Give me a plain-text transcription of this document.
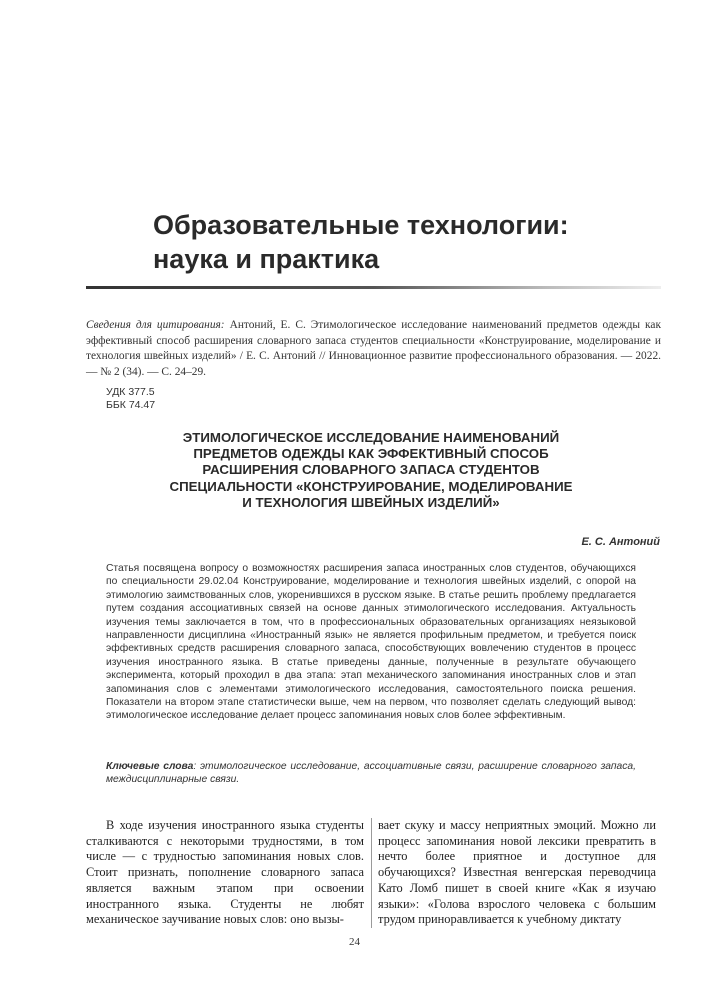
Образовательные технологии:
наука и практика
Сведения для цитирования: Антоний, Е. С. Этимологическое исследование наименований предметов одежды как эффективный способ расширения словарного запаса студентов специальности «Конструирование, моделирование и технология швейных изделий» / Е. С. Антоний // Инновационное развитие профессионального образования. — 2022. — № 2 (34). — С. 24–29.
УДК 377.5
ББК 74.47
ЭТИМОЛОГИЧЕСКОЕ ИССЛЕДОВАНИЕ НАИМЕНОВАНИЙ
ПРЕДМЕТОВ ОДЕЖДЫ КАК ЭФФЕКТИВНЫЙ СПОСОБ
РАСШИРЕНИЯ СЛОВАРНОГО ЗАПАСА СТУДЕНТОВ
СПЕЦИАЛЬНОСТИ «КОНСТРУИРОВАНИЕ, МОДЕЛИРОВАНИЕ
И ТЕХНОЛОГИЯ ШВЕЙНЫХ ИЗДЕЛИЙ»
Е. С. Антоний

Статья посвящена вопросу о возможностях расширения запаса иностранных слов студентов, обучающихся по специальности 29.02.04 Конструирование, моделирование и технология швейных изделий, с опорой на этимологию заимствованных слов, укоренившихся в русском языке. В статье решить проблему предлагается путем создания ассоциативных связей на основе данных этимологического исследования. Актуальность изучения темы заключается в том, что в профессиональных образовательных организациях неязыковой направленности дисциплина «Иностранный язык» не является профильным предметом, и требуется поиск эффективных средств расширения словарного запаса, способствующих вовлечению студентов в процесс изучения иностранного языка. В статье приведены данные, полученные в результате обучающего эксперимента, который проходил в два этапа: этап механического запоминания иностранных слов и этап запоминания слов с элементами этимологического исследования, самостоятельного поиска решения. Показатели на втором этапе статистически выше, чем на первом, что позволяет сделать следующий вывод: этимологическое исследование делает процесс запоминания новых слов более эффективным.

Ключевые слова: этимологическое исследование, ассоциативные связи, расширение словарного запаса, междисциплинарные связи.

В ходе изучения иностранного языка студенты сталкиваются с некоторыми трудностями, в том числе — с трудностью запоминания новых слов. Стоит признать, пополнение словарного запаса является важным этапом при освоении иностранного языка. Студенты не любят механическое заучивание новых слов: оно вызы-

вает скуку и массу неприятных эмоций. Можно ли процесс запоминания новой лексики превратить в нечто более приятное и доступное для обучающихся? Известная венгерская переводчица Като Ломб пишет в своей книге «Как я изучаю языки»: «Голова взрослого человека с большим трудом приноравливается к учебному диктату

24
